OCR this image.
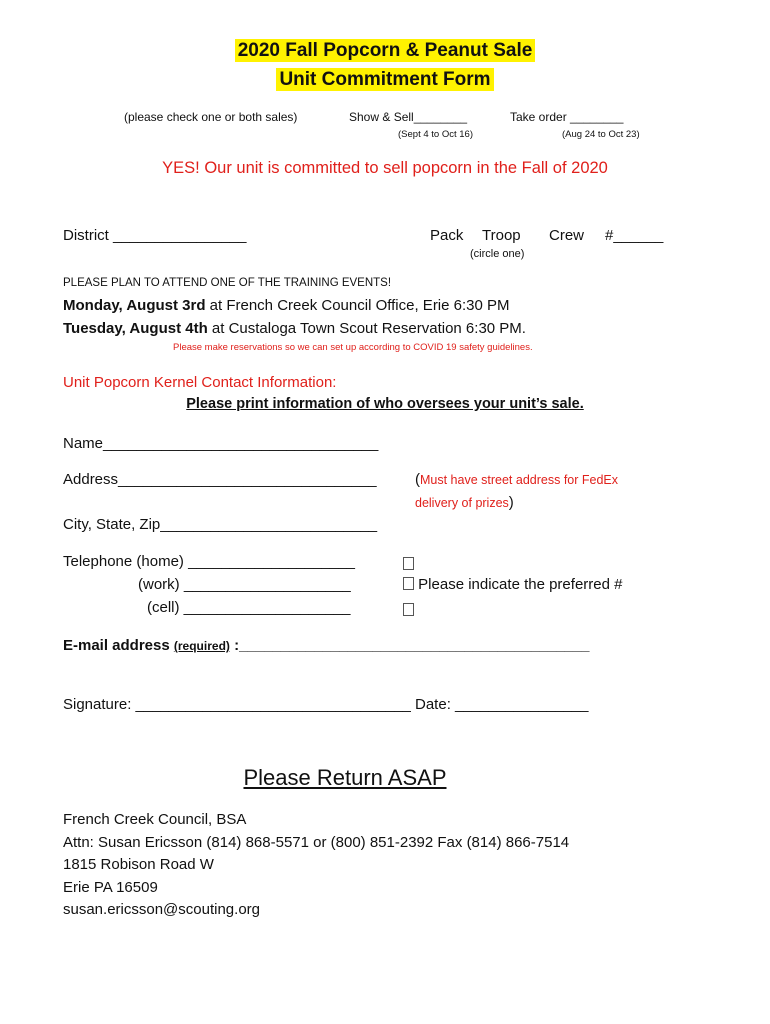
2020 Fall Popcorn & Peanut Sale
Unit Commitment Form
(please check one or both sales)	Show & Sell________
(Sept 4 to Oct 16)
Take order ________
(Aug 24 to Oct 23)
YES! Our unit is committed to sell popcorn in the Fall of 2020
District ________________	Pack Troop Crew #______
(circle one)
PLEASE PLAN TO ATTEND ONE OF THE TRAINING EVENTS!
Monday, August 3rd at French Creek Council Office, Erie 6:30 PM
Tuesday, August 4th at Custaloga Town Scout Reservation 6:30 PM.
Please make reservations so we can set up according to COVID 19 safety guidelines.
Unit Popcorn Kernel Contact Information:
Please print information of who oversees your unit’s sale.
Name_________________________________
Address_______________________________	(Must have street address for FedEx
delivery of prizes)
City, State, Zip__________________________
Telephone (home) ____________________
(work) ____________________
(cell) ____________________
Please indicate the preferred #
E-mail address (required) :__________________________________________
Signature: _________________________________ Date: ________________
Please Return ASAP
French Creek Council, BSA
Attn: Susan Ericsson (814) 868-5571 or (800) 851-2392 Fax (814) 866-7514
1815 Robison Road W
Erie PA 16509
susan.ericsson@scouting.org
